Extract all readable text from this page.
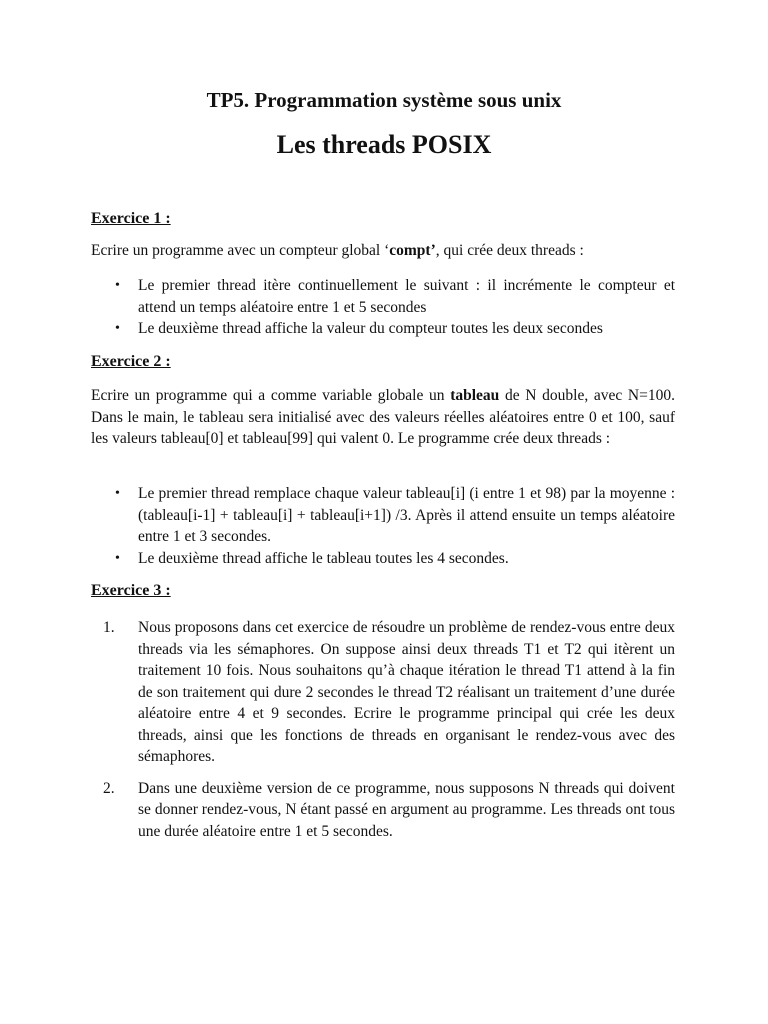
TP5. Programmation système sous unix
Les threads POSIX
Exercice 1 :
Ecrire un programme avec un compteur global ‘compt’, qui crée deux threads :
• Le premier thread itère continuellement le suivant : il incrémente le compteur et attend un temps aléatoire entre 1 et 5 secondes
• Le deuxième thread affiche la valeur du compteur toutes les deux secondes
Exercice 2 :
Ecrire un programme qui a comme variable globale un tableau de N double, avec N=100. Dans le main, le tableau sera initialisé avec des valeurs réelles aléatoires entre 0 et 100, sauf les valeurs tableau[0] et tableau[99] qui valent 0. Le programme crée deux threads :
• Le premier thread remplace chaque valeur tableau[i] (i entre 1 et 98) par la moyenne : (tableau[i-1] + tableau[i] + tableau[i+1]) /3. Après il attend ensuite un temps aléatoire entre 1 et 3 secondes.
• Le deuxième thread affiche le tableau toutes les 4 secondes.
Exercice 3 :
1. Nous proposons dans cet exercice de résoudre un problème de rendez-vous entre deux threads via les sémaphores. On suppose ainsi deux threads T1 et T2 qui itèrent un traitement 10 fois. Nous souhaitons qu’à chaque itération le thread T1 attend à la fin de son traitement qui dure 2 secondes le thread T2 réalisant un traitement d’une durée aléatoire entre 4 et 9 secondes. Ecrire le programme principal qui crée les deux threads, ainsi que les fonctions de threads en organisant le rendez-vous avec des sémaphores.
2. Dans une deuxième version de ce programme, nous supposons N threads qui doivent se donner rendez-vous, N étant passé en argument au programme. Les threads ont tous une durée aléatoire entre 1 et 5 secondes.
